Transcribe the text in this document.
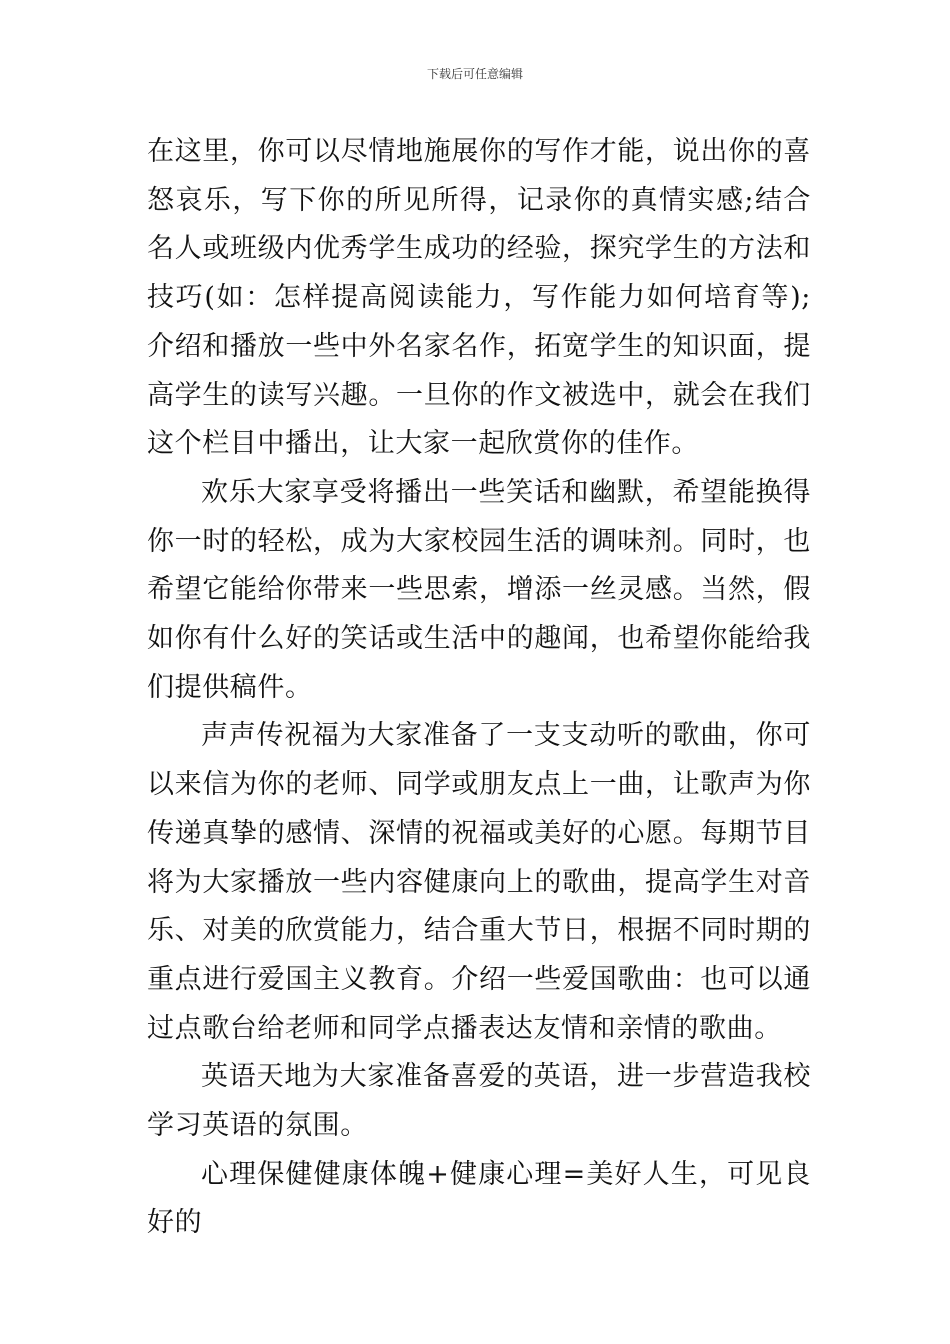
下载后可任意编辑

在这里，你可以尽情地施展你的写作才能，说出你的喜怒哀乐，写下你的所见所得，记录你的真情实感;结合名人或班级内优秀学生成功的经验，探究学生的方法和技巧(如：怎样提高阅读能力，写作能力如何培育等);介绍和播放一些中外名家名作，拓宽学生的知识面，提高学生的读写兴趣。一旦你的作文被选中，就会在我们这个栏目中播出，让大家一起欣赏你的佳作。

欢乐大家享受将播出一些笑话和幽默，希望能换得你一时的轻松，成为大家校园生活的调味剂。同时，也希望它能给你带来一些思索，增添一丝灵感。当然，假如你有什么好的笑话或生活中的趣闻，也希望你能给我们提供稿件。

声声传祝福为大家准备了一支支动听的歌曲，你可以来信为你的老师、同学或朋友点上一曲，让歌声为你传递真挚的感情、深情的祝福或美好的心愿。每期节目将为大家播放一些内容健康向上的歌曲，提高学生对音乐、对美的欣赏能力，结合重大节日，根据不同时期的重点进行爱国主义教育。介绍一些爱国歌曲：也可以通过点歌台给老师和同学点播表达友情和亲情的歌曲。

英语天地为大家准备喜爱的英语，进一步营造我校学习英语的氛围。

心理保健健康体魄+健康心理=美好人生，可见良好的
